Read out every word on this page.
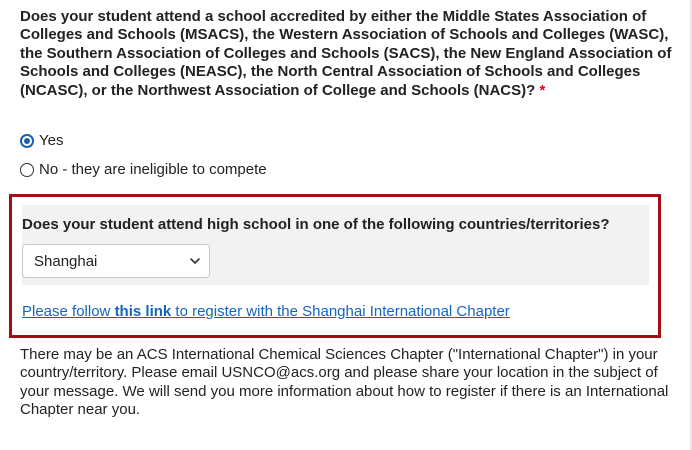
Does your student attend a school accredited by either the Middle States Association of Colleges and Schools (MSACS), the Western Association of Schools and Colleges (WASC), the Southern Association of Colleges and Schools (SACS), the New England Association of Schools and Colleges (NEASC), the North Central Association of Schools and Colleges (NCASC), or the Northwest Association of College and Schools (NACS)? *
Yes
No - they are ineligible to compete
Does your student attend high school in one of the following countries/territories?
Shanghai
Please follow this link to register with the Shanghai International Chapter
There may be an ACS International Chemical Sciences Chapter ("International Chapter") in your country/territory. Please email USNCO@acs.org and please share your location in the subject of your message. We will send you more information about how to register if there is an International Chapter near you.
